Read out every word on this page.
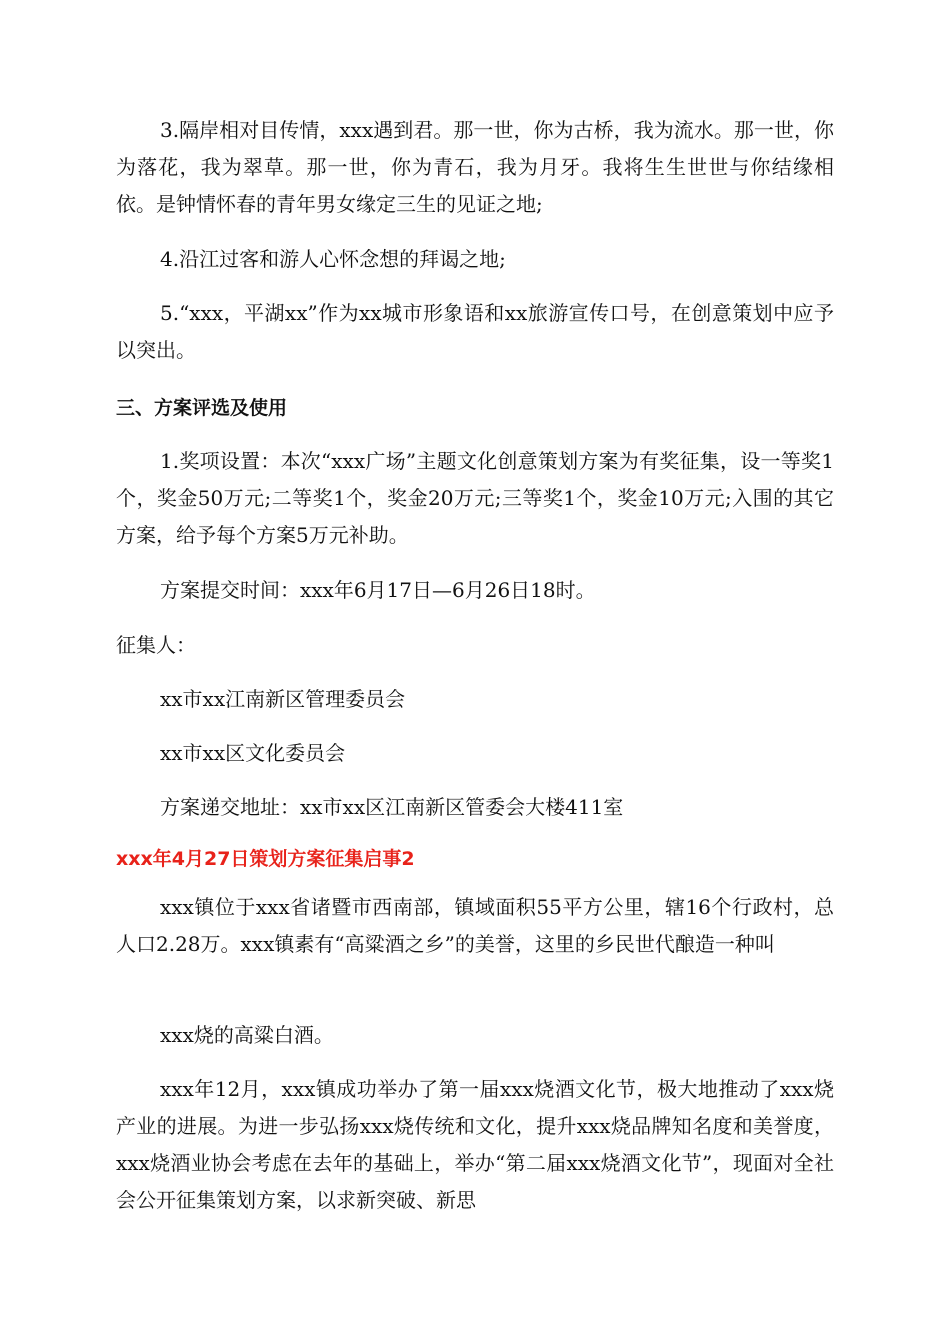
3.隔岸相对目传情，xxx遇到君。那一世，你为古桥，我为流水。那一世，你为落花，我为翠草。那一世，你为青石，我为月牙。我将生生世世与你结缘相依。是钟情怀春的青年男女缘定三生的见证之地;

4.沿江过客和游人心怀念想的拜谒之地;

5.“xxx，平湖xx”作为xx城市形象语和xx旅游宣传口号，在创意策划中应予以突出。

三、方案评选及使用

1.奖项设置：本次“xxx广场”主题文化创意策划方案为有奖征集，设一等奖1个，奖金50万元;二等奖1个，奖金20万元;三等奖1个，奖金10万元;入围的其它方案，给予每个方案5万元补助。

方案提交时间：xxx年6月17日—6月26日18时。

征集人：

xx市xx江南新区管理委员会

xx市xx区文化委员会

方案递交地址：xx市xx区江南新区管委会大楼411室

xxx年4月27日策划方案征集启事2

xxx镇位于xxx省诸暨市西南部，镇域面积55平方公里，辖16个行政村，总人口2.28万。xxx镇素有“高粱酒之乡”的美誉，这里的乡民世代酿造一种叫

xxx烧的高粱白酒。

xxx年12月，xxx镇成功举办了第一届xxx烧酒文化节，极大地推动了xxx烧产业的进展。为进一步弘扬xxx烧传统和文化，提升xxx烧品牌知名度和美誉度，xxx烧酒业协会考虑在去年的基础上，举办“第二届xxx烧酒文化节”，现面对全社会公开征集策划方案，以求新突破、新思
